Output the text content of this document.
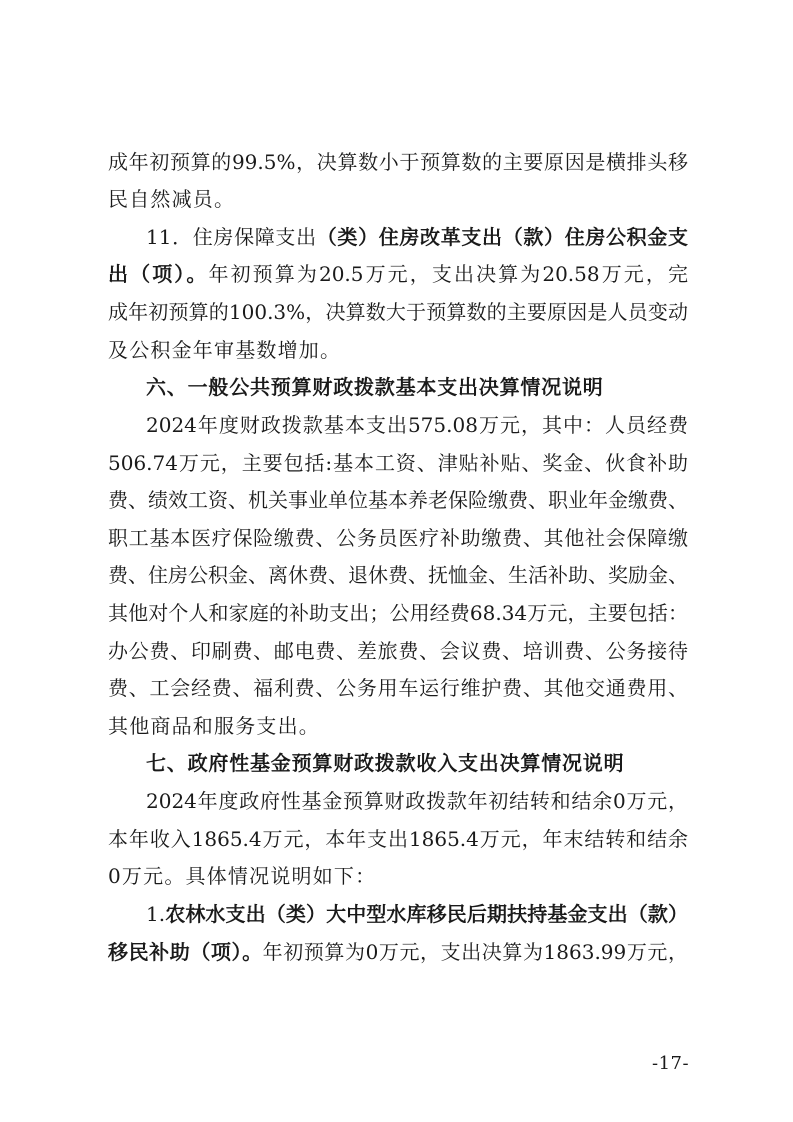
成年初预算的99.5%，决算数小于预算数的主要原因是横排头移
民自然减员。
11．住房保障支出（类）住房改革支出（款）住房公积金支
出（项）。年初预算为20.5万元，支出决算为20.58万元，完
成年初预算的100.3%，决算数大于预算数的主要原因是人员变动
及公积金年审基数增加。
六、一般公共预算财政拨款基本支出决算情况说明
2024年度财政拨款基本支出575.08万元，其中：人员经费
506.74万元，主要包括:基本工资、津贴补贴、奖金、伙食补助
费、绩效工资、机关事业单位基本养老保险缴费、职业年金缴费、
职工基本医疗保险缴费、公务员医疗补助缴费、其他社会保障缴
费、住房公积金、离休费、退休费、抚恤金、生活补助、奖励金、
其他对个人和家庭的补助支出；公用经费68.34万元，主要包括：
办公费、印刷费、邮电费、差旅费、会议费、培训费、公务接待
费、工会经费、福利费、公务用车运行维护费、其他交通费用、
其他商品和服务支出。
七、政府性基金预算财政拨款收入支出决算情况说明
2024年度政府性基金预算财政拨款年初结转和结余0万元，
本年收入1865.4万元，本年支出1865.4万元，年末结转和结余
0万元。具体情况说明如下：
1.农林水支出（类）大中型水库移民后期扶持基金支出（款）
移民补助（项）。年初预算为0万元，支出决算为1863.99万元，
-17-
